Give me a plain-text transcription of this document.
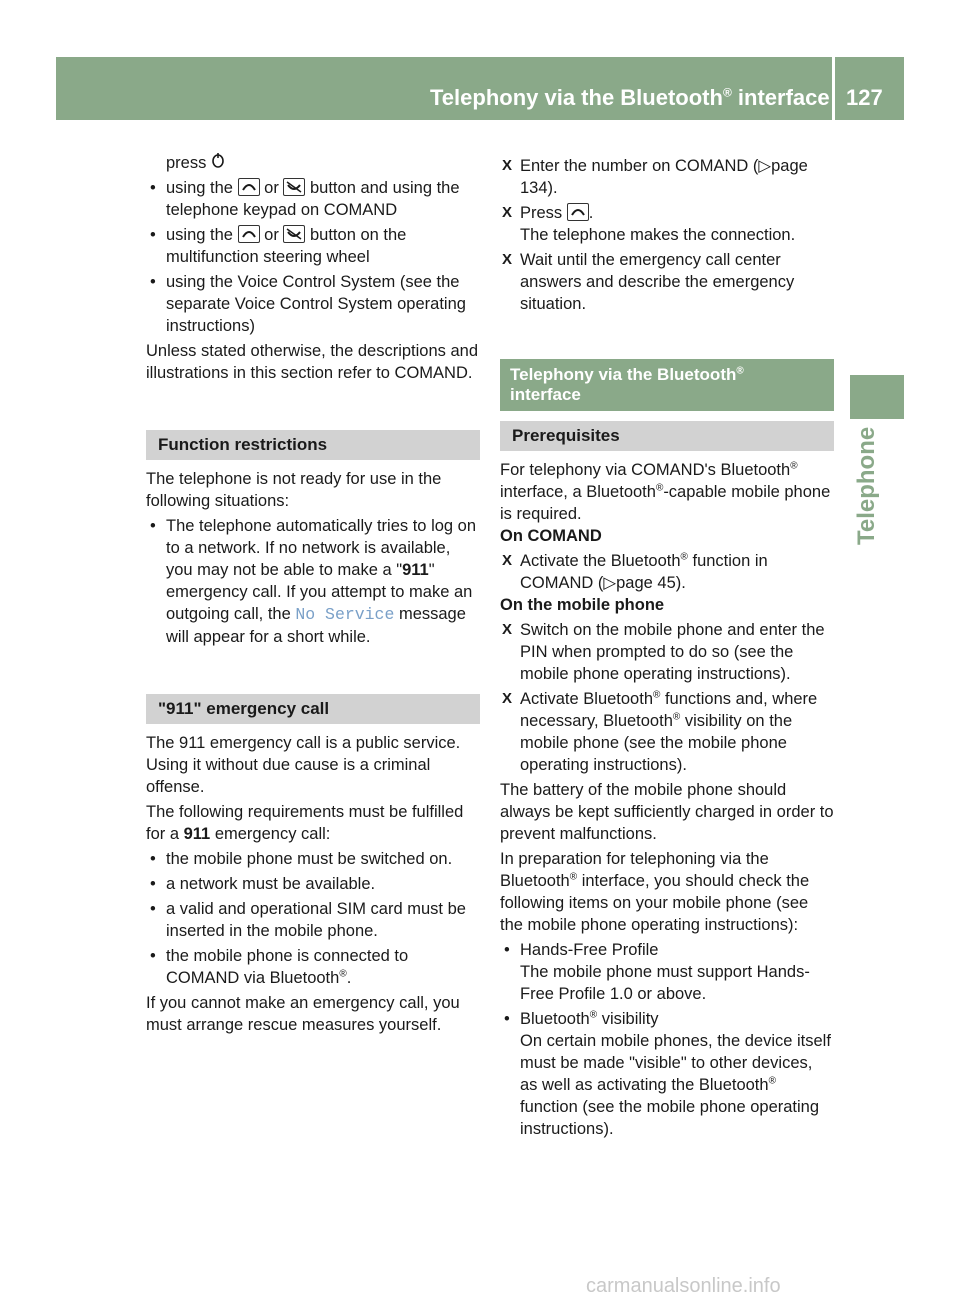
Telephony via the Bluetooth® interface 127
Telephone

press

• using the
or
button and using the telephone keypad on COMAND
• using the
or
button on the multifunction steering wheel
• using the Voice Control System (see the separate Voice Control System operating instructions)

Unless stated otherwise, the descriptions and illustrations in this section refer to COMAND.

Function restrictions

The telephone is not ready for use in the following situations:

• The telephone automatically tries to log on to a network. If no network is available, you may not be able to make a "911" emergency call. If you attempt to make an outgoing call, the No Service message will appear for a short while.

"911" emergency call

The 911 emergency call is a public service. Using it without due cause is a criminal offense.

The following requirements must be fulfilled for a 911 emergency call:

• the mobile phone must be switched on.
• a network must be available.
• a valid and operational SIM card must be inserted in the mobile phone.
• the mobile phone is connected to COMAND via Bluetooth®.

If you cannot make an emergency call, you must arrange rescue measures yourself.

X Enter the number on COMAND (▷page 134).
X Press
.
The telephone makes the connection.
X Wait until the emergency call center answers and describe the emergency situation.

Telephony via the Bluetooth®
interface

Prerequisites

For telephony via COMAND's Bluetooth® interface, a Bluetooth®-capable mobile phone is required.

On COMAND

X Activate the Bluetooth® function in COMAND (▷page 45).

On the mobile phone

X Switch on the mobile phone and enter the PIN when prompted to do so (see the mobile phone operating instructions).
X Activate Bluetooth® functions and, where necessary, Bluetooth® visibility on the mobile phone (see the mobile phone operating instructions).

The battery of the mobile phone should always be kept sufficiently charged in order to prevent malfunctions.

In preparation for telephoning via the Bluetooth® interface, you should check the following items on your mobile phone (see the mobile phone operating instructions):

• Hands-Free Profile
The mobile phone must support Hands-Free Profile 1.0 or above.
• Bluetooth® visibility
On certain mobile phones, the device itself must be made "visible" to other devices, as well as activating the Bluetooth® function (see the mobile phone operating instructions).
carmanualsonline.info
